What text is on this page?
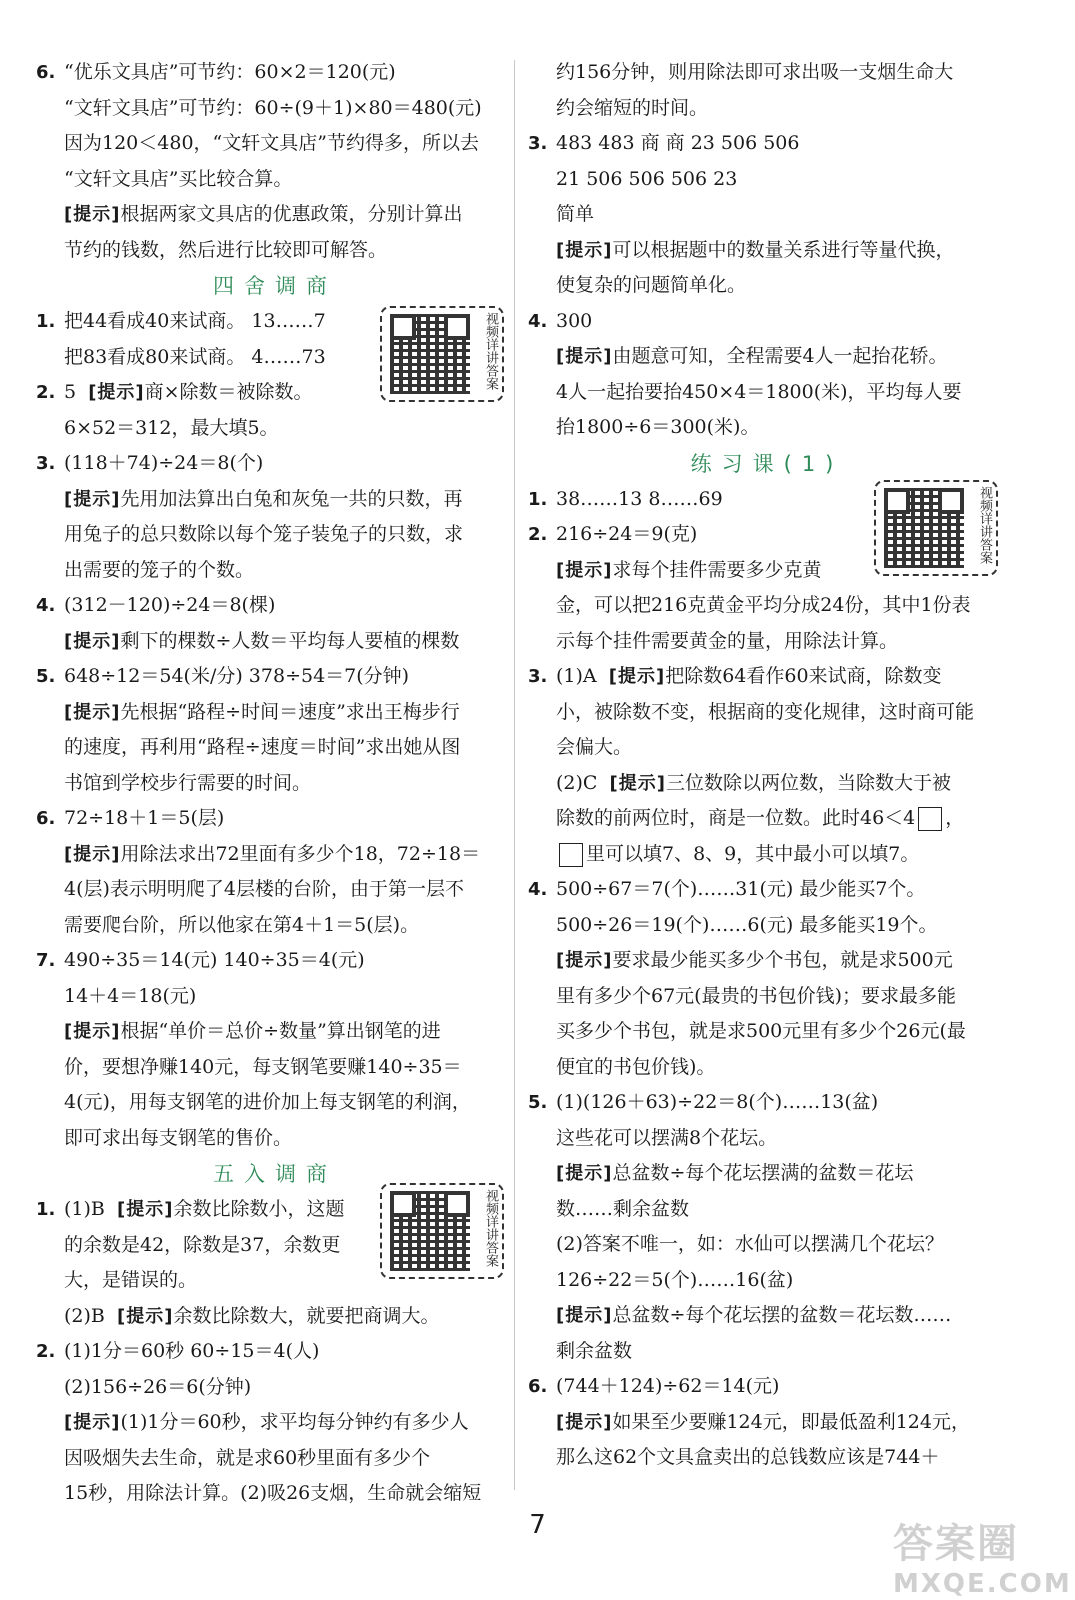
6. “优乐文具店”可节约：60×2＝120(元)
“文轩文具店”可节约：60÷(9＋1)×80＝480(元)
因为120＜480，“文轩文具店”节约得多，所以去
“文轩文具店”买比较合算。
[提示]根据两家文具店的优惠政策，分别计算出
节约的钱数，然后进行比较即可解答。
四舍调商
1. 把44看成40来试商。 13……7
把83看成80来试商。 4……73
2. 5 [提示]商×除数＝被除数。
6×52＝312，最大填5。
3. (118＋74)÷24＝8(个)
[提示]先用加法算出白兔和灰兔一共的只数，再
用兔子的总只数除以每个笼子装兔子的只数，求
出需要的笼子的个数。
4. (312－120)÷24＝8(棵)
[提示]剩下的棵数÷人数＝平均每人要植的棵数
5. 648÷12＝54(米/分) 378÷54＝7(分钟)
[提示]先根据“路程÷时间＝速度”求出王梅步行
的速度，再利用“路程÷速度＝时间”求出她从图
书馆到学校步行需要的时间。
6. 72÷18＋1＝5(层)
[提示]用除法求出72里面有多少个18，72÷18＝
4(层)表示明明爬了4层楼的台阶，由于第一层不
需要爬台阶，所以他家在第4＋1＝5(层)。
7. 490÷35＝14(元) 140÷35＝4(元)
14＋4＝18(元)
[提示]根据“单价＝总价÷数量”算出钢笔的进
价，要想净赚140元，每支钢笔要赚140÷35＝
4(元)，用每支钢笔的进价加上每支钢笔的利润，
即可求出每支钢笔的售价。
五入调商
1. (1)B [提示]余数比除数小，这题
的余数是42，除数是37，余数更
大，是错误的。
(2)B [提示]余数比除数大，就要把商调大。
2. (1)1分＝60秒 60÷15＝4(人)
(2)156÷26＝6(分钟)
[提示](1)1分＝60秒，求平均每分钟约有多少人
因吸烟失去生命，就是求60秒里面有多少个
15秒，用除法计算。(2)吸26支烟，生命就会缩短
视频详讲答案
视频详讲答案
约156分钟，则用除法即可求出吸一支烟生命大
约会缩短的时间。
3. 483 483 商 商 23 506 506
21 506 506 506 23
简单
[提示]可以根据题中的数量关系进行等量代换，
使复杂的问题简单化。
4. 300
[提示]由题意可知，全程需要4人一起抬花轿。
4人一起抬要抬450×4＝1800(米)，平均每人要
抬1800÷6＝300(米)。
练习课(1)
1. 38……13 8……69
2. 216÷24＝9(克)
[提示]求每个挂件需要多少克黄
金，可以把216克黄金平均分成24份，其中1份表
示每个挂件需要黄金的量，用除法计算。
3. (1)A [提示]把除数64看作60来试商，除数变
小，被除数不变，根据商的变化规律，这时商可能
会偏大。
(2)C [提示]三位数除以两位数，当除数大于被
除数的前两位时，商是一位数。此时46＜4 ，
里可以填7、8、9，其中最小可以填7。
4. 500÷67＝7(个)……31(元) 最少能买7个。
500÷26＝19(个)……6(元) 最多能买19个。
[提示]要求最少能买多少个书包，就是求500元
里有多少个67元(最贵的书包价钱)；要求最多能
买多少个书包，就是求500元里有多少个26元(最
便宜的书包价钱)。
5. (1)(126＋63)÷22＝8(个)……13(盆)
这些花可以摆满8个花坛。
[提示]总盆数÷每个花坛摆满的盆数＝花坛
数……剩余盆数
(2)答案不唯一，如：水仙可以摆满几个花坛？
126÷22＝5(个)……16(盆)
[提示]总盆数÷每个花坛摆的盆数＝花坛数……
剩余盆数
6. (744＋124)÷62＝14(元)
[提示]如果至少要赚124元，即最低盈利124元，
那么这62个文具盒卖出的总钱数应该是744＋
视频详讲答案
7	答案圈
MXQE.COM
